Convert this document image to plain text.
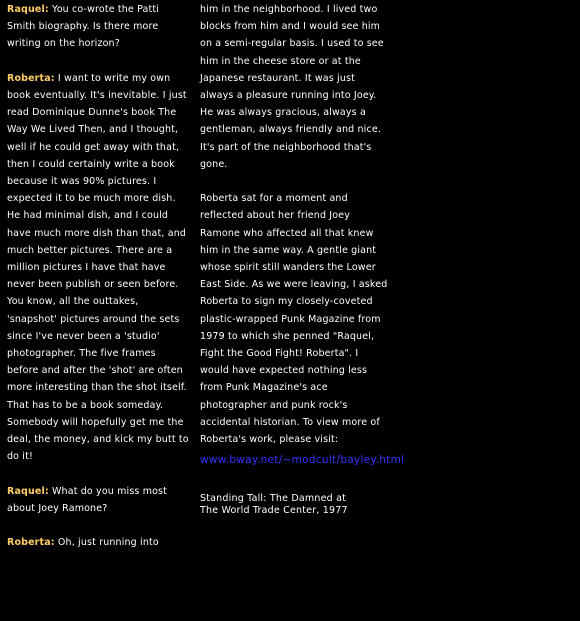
Raquel: You co-wrote the Patti Smith biography. Is there more writing on the horizon?

Roberta: I want to write my own book eventually. It's inevitable. I just read Dominique Dunne's book The Way We Lived Then, and I thought, well if he could get away with that, then I could certainly write a book because it was 90% pictures. I expected it to be much more dish. He had minimal dish, and I could have much more dish than that, and much better pictures. There are a million pictures I have that have never been publish or seen before. You know, all the outtakes, 'snapshot' pictures around the sets since I've never been a 'studio' photographer. The five frames before and after the 'shot' are often more interesting than the shot itself. That has to be a book someday. Somebody will hopefully get me the deal, the money, and kick my butt to do it!

Raquel: What do you miss most about Joey Ramone?

Roberta: Oh, just running into

him in the neighborhood. I lived two blocks from him and I would see him on a semi-regular basis. I used to see him in the cheese store or at the Japanese restaurant. It was just always a pleasure running into Joey. He was always gracious, always a gentleman, always friendly and nice. It's part of the neighborhood that's gone.

Roberta sat for a moment and reflected about her friend Joey Ramone who affected all that knew him in the same way. A gentle giant whose spirit still wanders the Lower East Side. As we were leaving, I asked Roberta to sign my closely-coveted plastic-wrapped Punk Magazine from 1979 to which she penned "Raquel, Fight the Good Fight! Roberta". I would have expected nothing less from Punk Magazine's ace photographer and punk rock's accidental historian. To view more of Roberta's work, please visit:

www.bway.net/~modcult/bayley.html
Standing Tall: The Damned at
The World Trade Center, 1977
